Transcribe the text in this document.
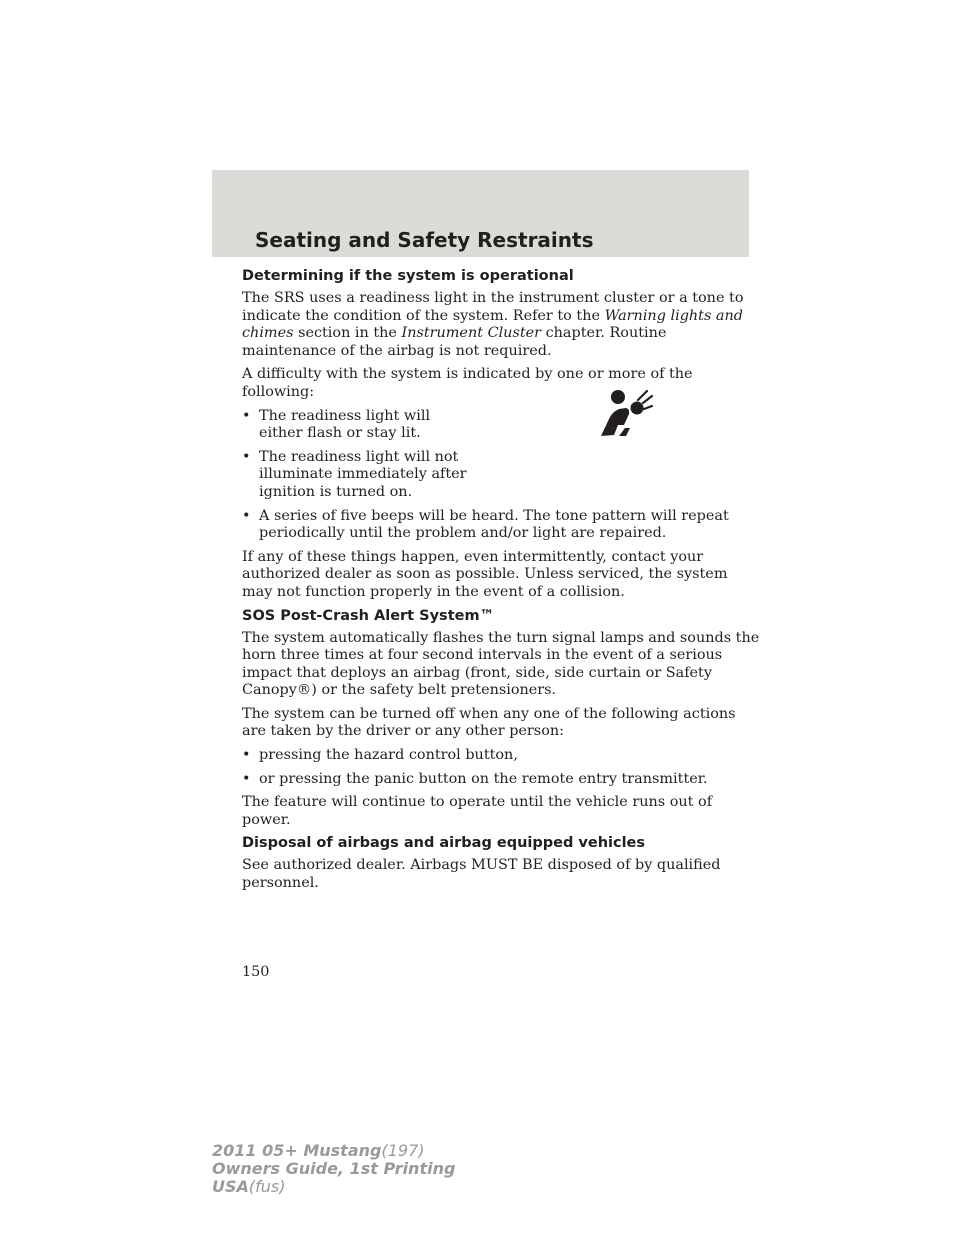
Seating and Safety Restraints
Determining if the system is operational

The SRS uses a readiness light in the instrument cluster or a tone to indicate the condition of the system. Refer to the Warning lights and chimes section in the Instrument Cluster chapter. Routine maintenance of the airbag is not required.

A difficulty with the system is indicated by one or more of the following:

• The readiness light will either flash or stay lit.
• The readiness light will not illuminate immediately after ignition is turned on.
• A series of five beeps will be heard. The tone pattern will repeat periodically until the problem and/or light are repaired.

If any of these things happen, even intermittently, contact your authorized dealer as soon as possible. Unless serviced, the system may not function properly in the event of a collision.

SOS Post-Crash Alert System™

The system automatically flashes the turn signal lamps and sounds the horn three times at four second intervals in the event of a serious impact that deploys an airbag (front, side, side curtain or Safety Canopy®) or the safety belt pretensioners.

The system can be turned off when any one of the following actions are taken by the driver or any other person:

• pressing the hazard control button,
• or pressing the panic button on the remote entry transmitter.

The feature will continue to operate until the vehicle runs out of power.

Disposal of airbags and airbag equipped vehicles

See authorized dealer. Airbags MUST BE disposed of by qualified personnel.

150
2011 05+ Mustang(197)
Owners Guide, 1st Printing
USA(fus)
